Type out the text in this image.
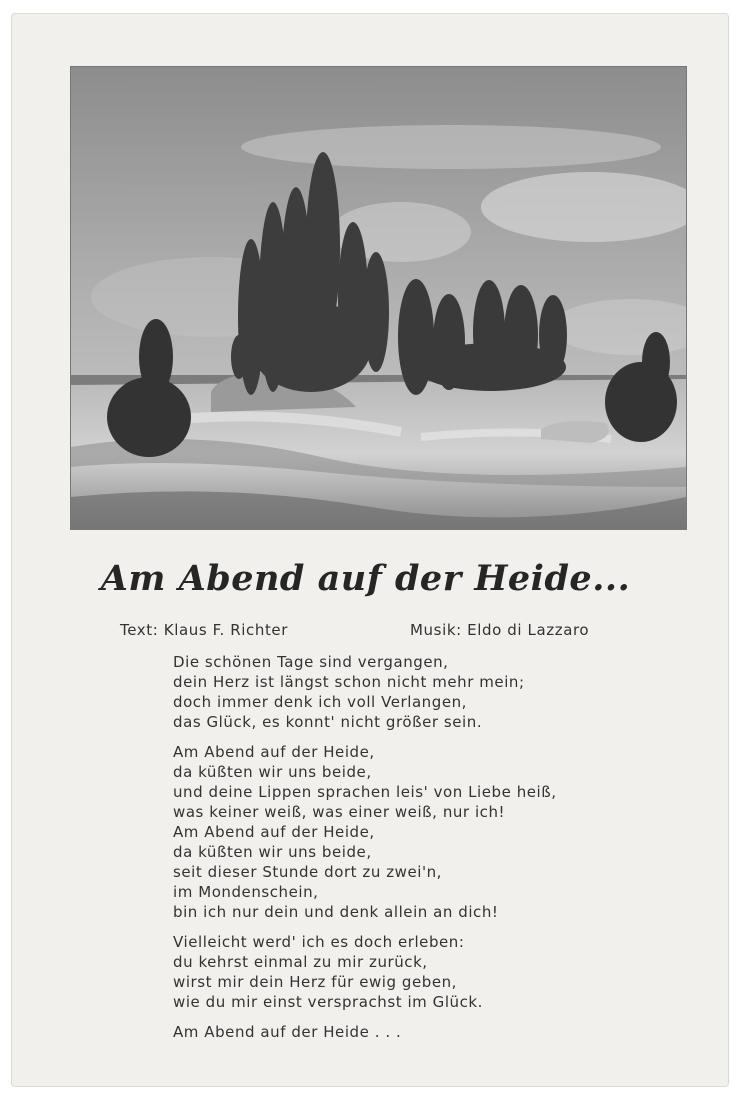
Am Abend auf der Heide...
Text: Klaus F. Richter	Musik: Eldo di Lazzaro
Die schönen Tage sind vergangen,
dein Herz ist längst schon nicht mehr mein;
doch immer denk ich voll Verlangen,
das Glück, es konnt' nicht größer sein.
Am Abend auf der Heide,
da küßten wir uns beide,
und deine Lippen sprachen leis' von Liebe heiß,
was keiner weiß, was einer weiß, nur ich!
Am Abend auf der Heide,
da küßten wir uns beide,
seit dieser Stunde dort zu zwei'n,
im Mondenschein,
bin ich nur dein und denk allein an dich!
Vielleicht werd' ich es doch erleben:
du kehrst einmal zu mir zurück,
wirst mir dein Herz für ewig geben,
wie du mir einst versprachst im Glück.
Am Abend auf der Heide . . .
